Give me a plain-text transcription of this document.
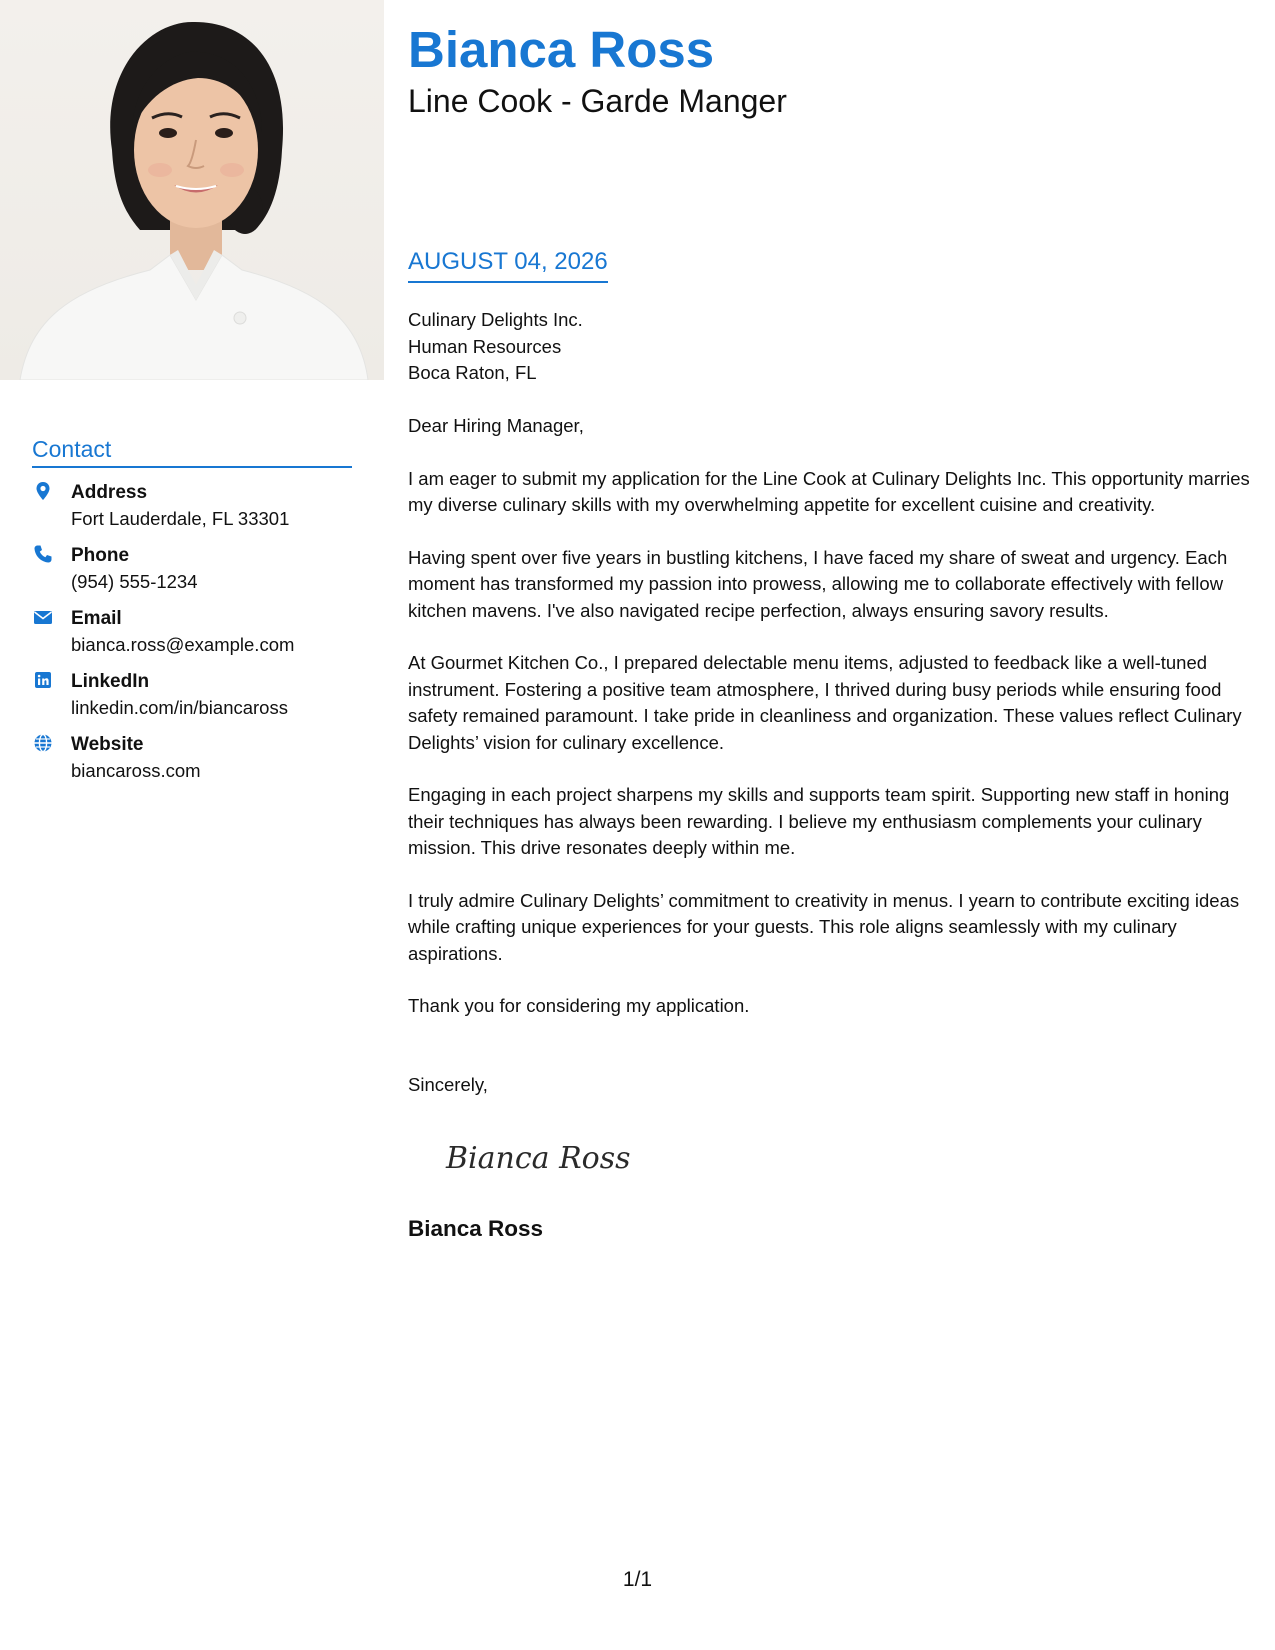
Contact
Address
Fort Lauderdale, FL 33301
Phone
(954) 555-1234
Email
bianca.ross@example.com
LinkedIn
linkedin.com/in/biancaross
Website
biancaross.com
Bianca Ross
Line Cook - Garde Manger
AUGUST 04, 2026
Culinary Delights Inc.
Human Resources
Boca Raton, FL

Dear Hiring Manager,

I am eager to submit my application for the Line Cook at Culinary Delights Inc. This opportunity marries my diverse culinary skills with my overwhelming appetite for excellent cuisine and creativity.

Having spent over five years in bustling kitchens, I have faced my share of sweat and urgency. Each moment has transformed my passion into prowess, allowing me to collaborate effectively with fellow kitchen mavens. I've also navigated recipe perfection, always ensuring savory results.

At Gourmet Kitchen Co., I prepared delectable menu items, adjusted to feedback like a well-tuned instrument. Fostering a positive team atmosphere, I thrived during busy periods while ensuring food safety remained paramount. I take pride in cleanliness and organization. These values reflect Culinary Delights’ vision for culinary excellence.

Engaging in each project sharpens my skills and supports team spirit. Supporting new staff in honing their techniques has always been rewarding. I believe my enthusiasm complements your culinary mission. This drive resonates deeply within me.

I truly admire Culinary Delights’ commitment to creativity in menus. I yearn to contribute exciting ideas while crafting unique experiences for your guests. This role aligns seamlessly with my culinary aspirations.

Thank you for considering my application.

Sincerely,
Bianca Ross
Bianca Ross
1/1
